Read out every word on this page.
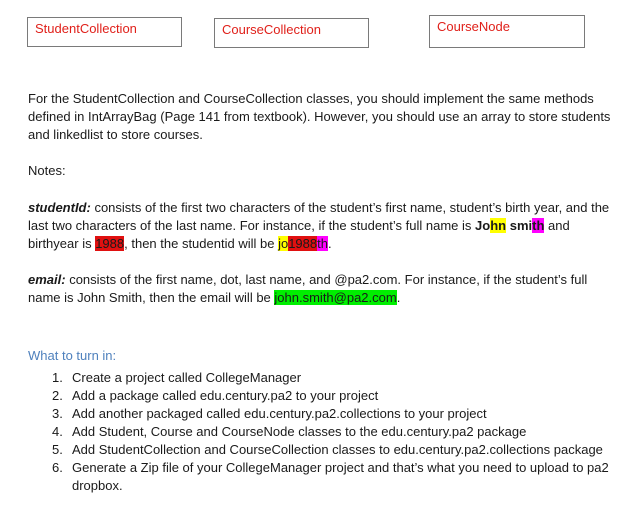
StudentCollection	CourseCollection	CourseNode

For the StudentCollection and CourseCollection classes, you should implement the same methods defined in IntArrayBag (Page 141 from textbook). However, you should use an array to store students and linkedlist to store courses.

Notes:

studentId: consists of the first two characters of the student’s first name, student’s birth year, and the last two characters of the last name. For instance, if the student’s full name is John smith and birthyear is 1988, then the studentid will be jo1988th.

email: consists of the first name, dot, last name, and @pa2.com. For instance, if the student’s full name is John Smith, then the email will be john.smith@pa2.com.

What to turn in:

1. Create a project called CollegeManager
2. Add a package called edu.century.pa2 to your project
3. Add another packaged called edu.century.pa2.collections to your project
4. Add Student, Course and CourseNode classes to the edu.century.pa2 package
5. Add StudentCollection and CourseCollection classes to edu.century.pa2.collections package
6. Generate a Zip file of your CollegeManager project and that’s what you need to upload to pa2 dropbox.
